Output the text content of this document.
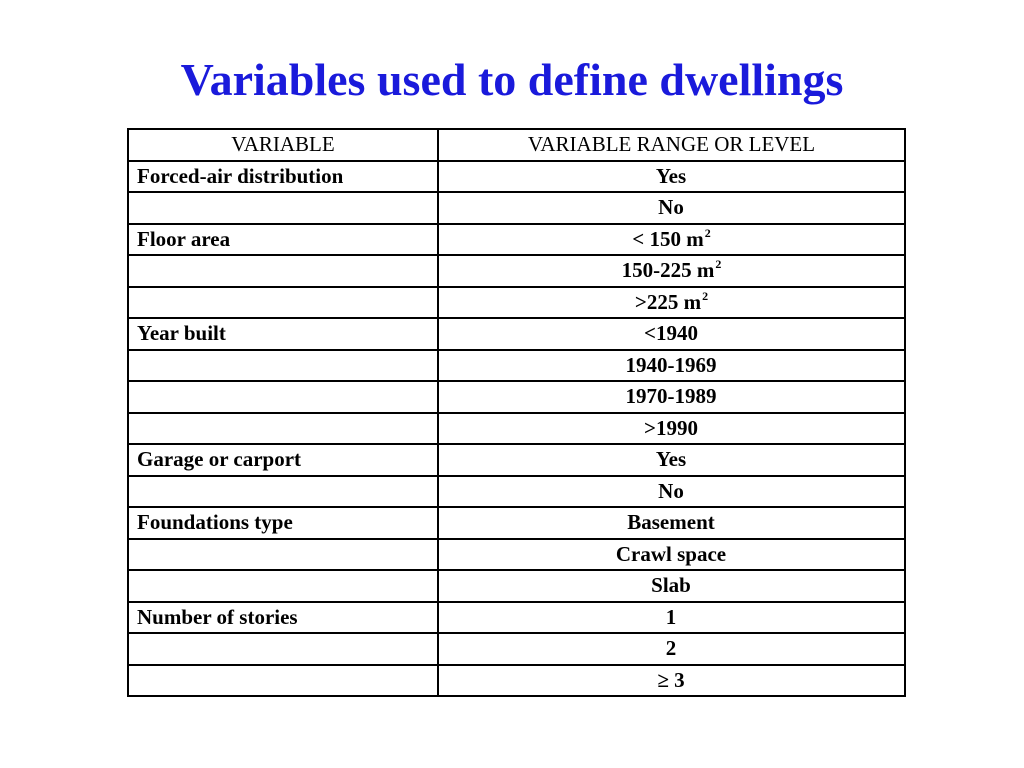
Variables used to define dwellings
VARIABLE	VARIABLE RANGE OR LEVEL
Forced-air distribution	Yes
	No
Floor area	< 150 $m^2$
	150-225 $m^2$
	>225 $m^2$
Year built	<1940
	1940-1969
	1970-1989
	>1990
Garage or carport	Yes
	No
Foundations type	Basement
	Crawl space
	Slab
Number of stories	1
	2
	≥ 3
